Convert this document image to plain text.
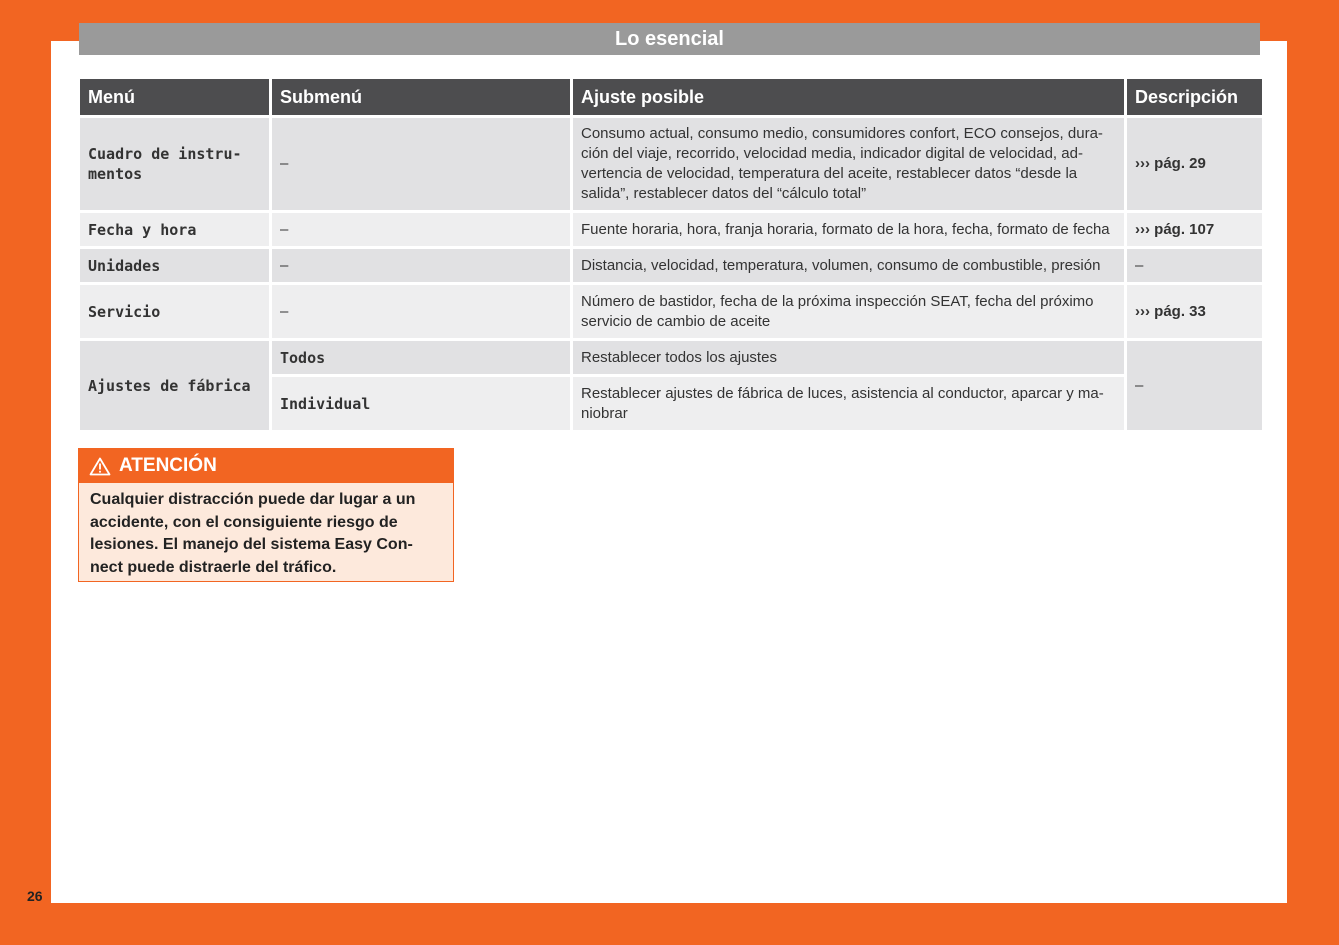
Lo esencial
Menú	Submenú	Ajuste posible	Descripción
Cuadro de instru-
mentos	–	Consumo actual, consumo medio, consumidores confort, ECO consejos, dura-
ción del viaje, recorrido, velocidad media, indicador digital de velocidad, ad-
vertencia de velocidad, temperatura del aceite, restablecer datos “desde la
salida”, restablecer datos del “cálculo total”	››› pág. 29
Fecha y hora	–	Fuente horaria, hora, franja horaria, formato de la hora, fecha, formato de fecha	››› pág. 107
Unidades	–	Distancia, velocidad, temperatura, volumen, consumo de combustible, presión	–
Servicio	–	Número de bastidor, fecha de la próxima inspección SEAT, fecha del próximo
servicio de cambio de aceite	››› pág. 33
Ajustes de fábrica	Todos	Restablecer todos los ajustes	–
	Individual	Restablecer ajustes de fábrica de luces, asistencia al conductor, aparcar y ma-
niobrar	
ATENCIÓN
Cualquier distracción puede dar lugar a un
accidente, con el consiguiente riesgo de
lesiones. El manejo del sistema Easy Con-
nect puede distraerle del tráfico.
26
